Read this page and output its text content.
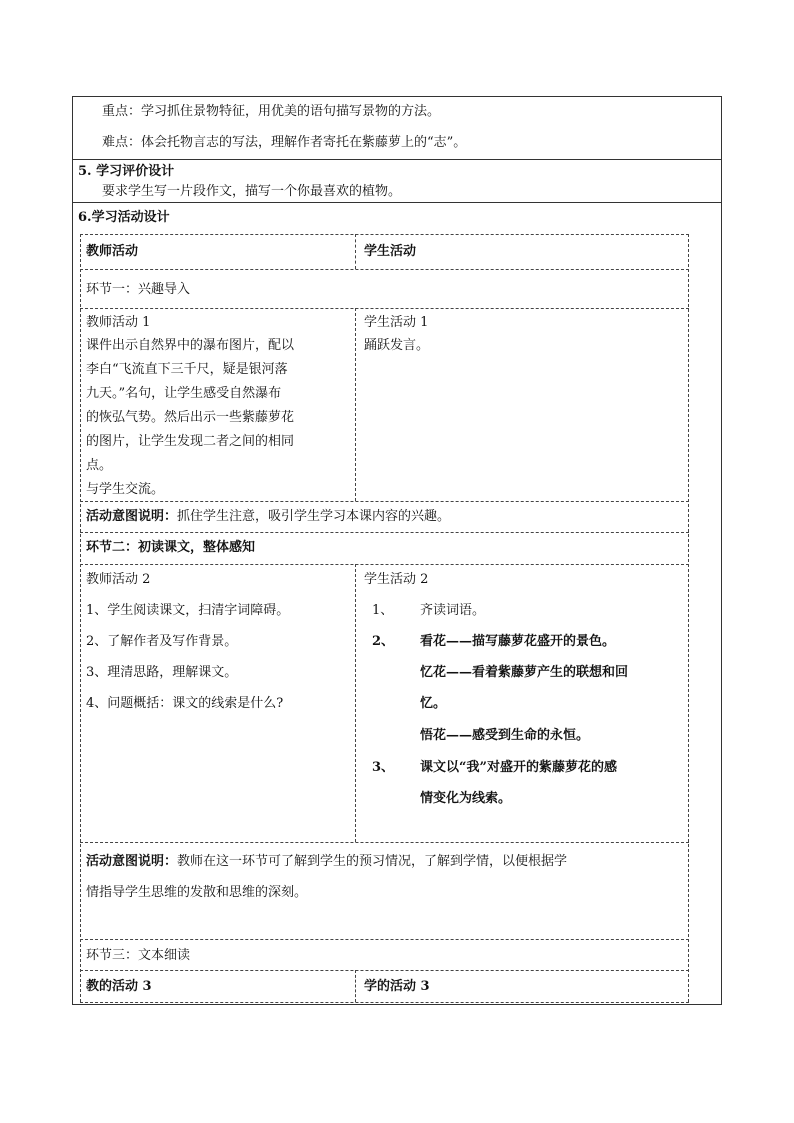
重点：学习抓住景物特征，用优美的语句描写景物的方法。
难点：体会托物言志的写法，理解作者寄托在紫藤萝上的“志”。
5. 学习评价设计
要求学生写一片段作文，描写一个你最喜欢的植物。
6.学习活动设计
教师活动	学生活动
环节一：兴趣导入
教师活动 1
课件出示自然界中的瀑布图片，配以
李白“飞流直下三千尺，疑是银河落
九天。”名句，让学生感受自然瀑布
的恢弘气势。然后出示一些紫藤萝花
的图片，让学生发现二者之间的相同
点。
与学生交流。
学生活动 1
踊跃发言。
活动意图说明：抓住学生注意，吸引学生学习本课内容的兴趣。
环节二：初读课文，整体感知
教师活动 2
1、学生阅读课文，扫清字词障碍。
2、了解作者及写作背景。
3、理清思路，理解课文。
4、问题概括：课文的线索是什么?
学生活动 2
1、 齐读词语。
2、 看花——描写藤萝花盛开的景色。
忆花——看着紫藤萝产生的联想和回
忆。
悟花——感受到生命的永恒。
3、 课文以“我”对盛开的紫藤萝花的感
情变化为线索。
活动意图说明：教师在这一环节可了解到学生的预习情况，了解到学情，以便根据学
情指导学生思维的发散和思维的深刻。
环节三：文本细读
教的活动 3	学的活动 3
